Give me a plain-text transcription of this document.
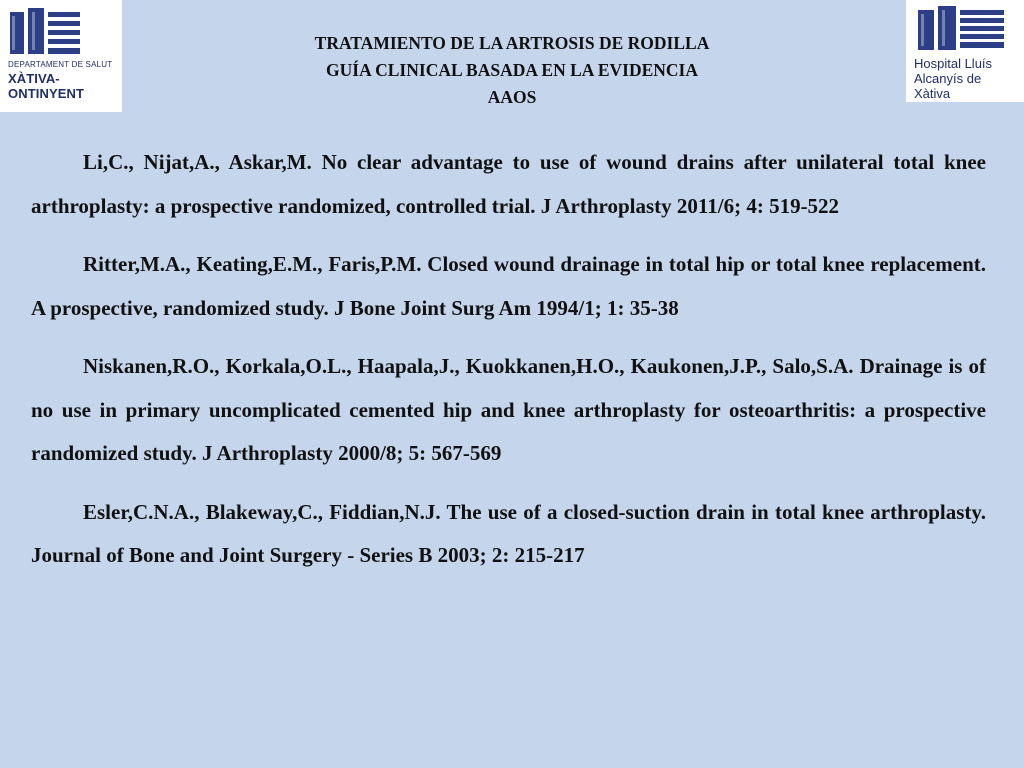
DEPARTAMENT DE SALUT
XÀTIVA-ONTINYENT
Hospital Lluís
Alcanyís de Xàtiva
TRATAMIENTO DE LA ARTROSIS DE RODILLA
GUÍA CLINICAL BASADA EN LA EVIDENCIA
AAOS

Li,C., Nijat,A., Askar,M. No clear advantage to use of wound drains after unilateral total knee arthroplasty: a prospective randomized, controlled trial. J Arthroplasty 2011/6; 4: 519-522

Ritter,M.A., Keating,E.M., Faris,P.M. Closed wound drainage in total hip or total knee replacement. A prospective, randomized study. J Bone Joint Surg Am 1994/1; 1: 35-38

Niskanen,R.O., Korkala,O.L., Haapala,J., Kuokkanen,H.O., Kaukonen,J.P., Salo,S.A. Drainage is of no use in primary uncomplicated cemented hip and knee arthroplasty for osteoarthritis: a prospective randomized study. J Arthroplasty 2000/8; 5: 567-569

Esler,C.N.A., Blakeway,C., Fiddian,N.J. The use of a closed-suction drain in total knee arthroplasty. Journal of Bone and Joint Surgery - Series B 2003; 2: 215-217
